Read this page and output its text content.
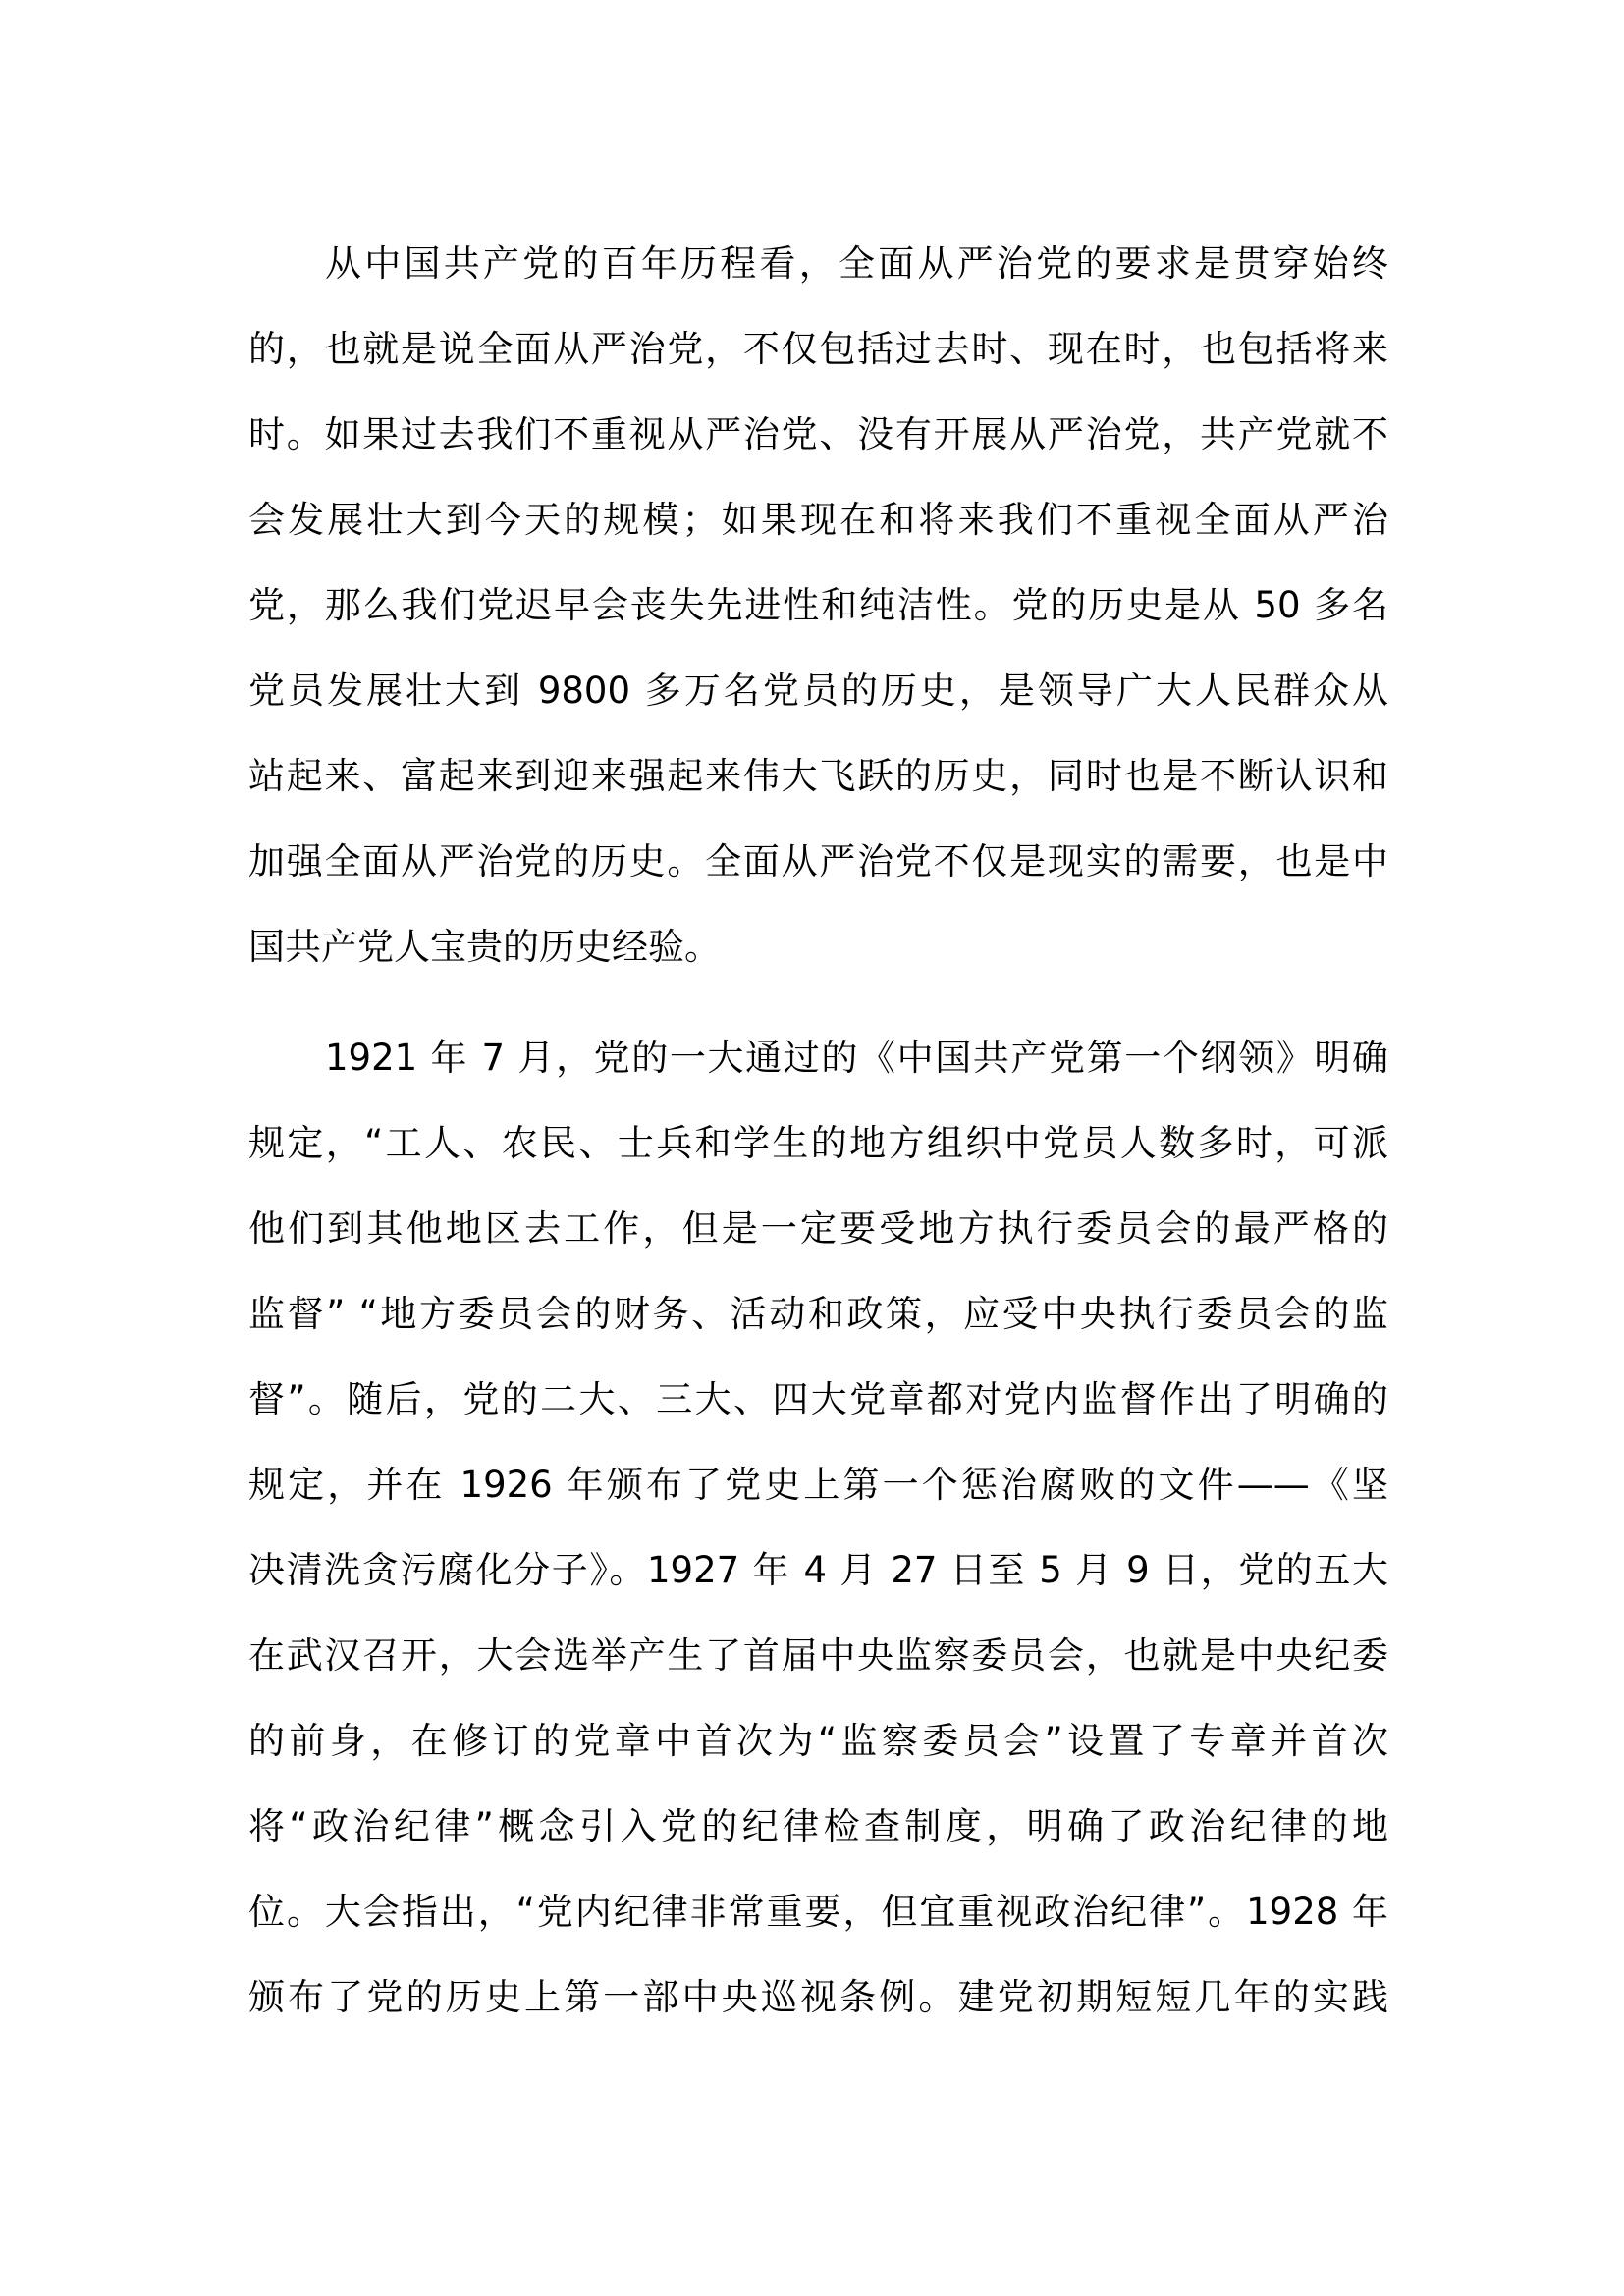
从中国共产党的百年历程看，全面从严治党的要求是贯穿始终
的，也就是说全面从严治党，不仅包括过去时、现在时，也包括将来
时。如果过去我们不重视从严治党、没有开展从严治党，共产党就不
会发展壮大到今天的规模；如果现在和将来我们不重视全面从严治
党，那么我们党迟早会丧失先进性和纯洁性。党的历史是从 50 多名
党员发展壮大到 9800 多万名党员的历史，是领导广大人民群众从
站起来、富起来到迎来强起来伟大飞跃的历史，同时也是不断认识和
加强全面从严治党的历史。全面从严治党不仅是现实的需要，也是中
国共产党人宝贵的历史经验。
1921 年 7 月，党的一大通过的《中国共产党第一个纲领》明确
规定，“工人、农民、士兵和学生的地方组织中党员人数多时，可派
他们到其他地区去工作，但是一定要受地方执行委员会的最严格的
监督” “地方委员会的财务、活动和政策，应受中央执行委员会的监
督”。随后，党的二大、三大、四大党章都对党内监督作出了明确的
规定，并在 1926 年颁布了党史上第一个惩治腐败的文件——《坚
决清洗贪污腐化分子》。1927 年 4 月 27 日至 5 月 9 日，党的五大
在武汉召开，大会选举产生了首届中央监察委员会，也就是中央纪委
的前身，在修订的党章中首次为“监察委员会”设置了专章并首次
将“政治纪律”概念引入党的纪律检查制度，明确了政治纪律的地
位。大会指出，“党内纪律非常重要，但宜重视政治纪律”。1928 年
颁布了党的历史上第一部中央巡视条例。建党初期短短几年的实践
